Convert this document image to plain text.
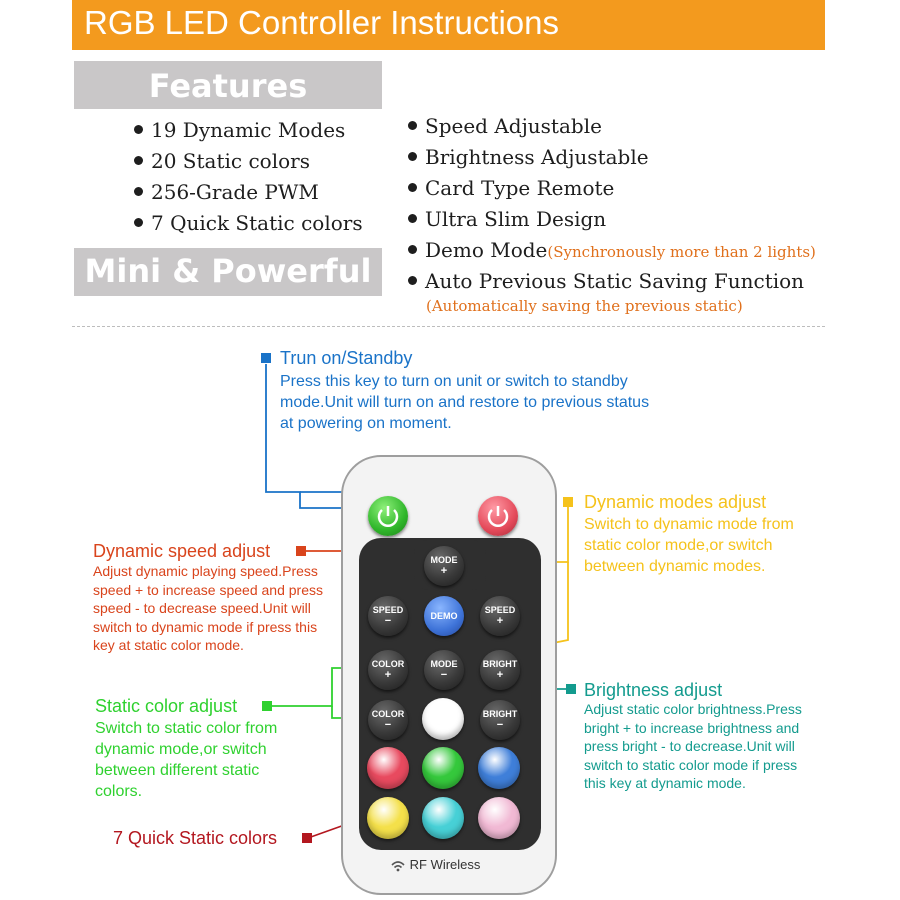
RGB LED Controller Instructions
Features
Mini & Powerful
19 Dynamic Modes
20 Static colors
256-Grade PWM
7 Quick Static colors
Speed Adjustable
Brightness Adjustable
Card Type Remote
Ultra Slim Design
Demo Mode(Synchronously more than 2 lights)
Auto Previous Static Saving Function
(Automatically saving the previous static)
Trun on/Standby
Press this key to turn on unit or switch to standby mode.Unit will turn on and restore to previous status at powering on moment.
Dynamic modes adjust
Switch to dynamic mode from static color mode,or switch between dynamic modes.
Dynamic speed adjust
Adjust dynamic playing speed.Press speed + to increase speed and press speed - to decrease speed.Unit will switch to dynamic mode if press this key at static color mode.
Static color adjust
Switch to static color from dynamic mode,or switch between different static colors.
Brightness adjust
Adjust static color brightness.Press bright + to increase brightness and press bright - to decrease.Unit will switch to static color mode if press this key at dynamic mode.
7 Quick Static colors
MODE
+
SPEED
−	DEMO
SPEED
+
COLOR
+
MODE
−
BRIGHT
+
COLOR
−
BRIGHT
−
RF Wireless
